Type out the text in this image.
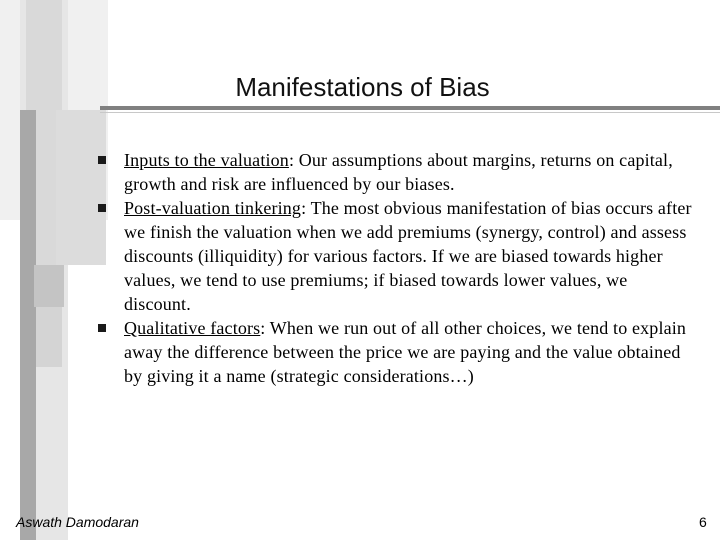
Manifestations of Bias
Inputs to the valuation: Our assumptions about margins, returns on capital, growth and risk are influenced by our biases.
Post-valuation tinkering: The most obvious manifestation of bias occurs after we finish the valuation when we add premiums (synergy, control) and assess discounts (illiquidity) for various factors. If we are biased towards higher values, we tend to use premiums; if biased towards lower values, we discount.
Qualitative factors: When we run out of all other choices, we tend to explain away the difference between the price we are paying and the value obtained by giving it a name (strategic considerations…)
Aswath Damodaran	6
